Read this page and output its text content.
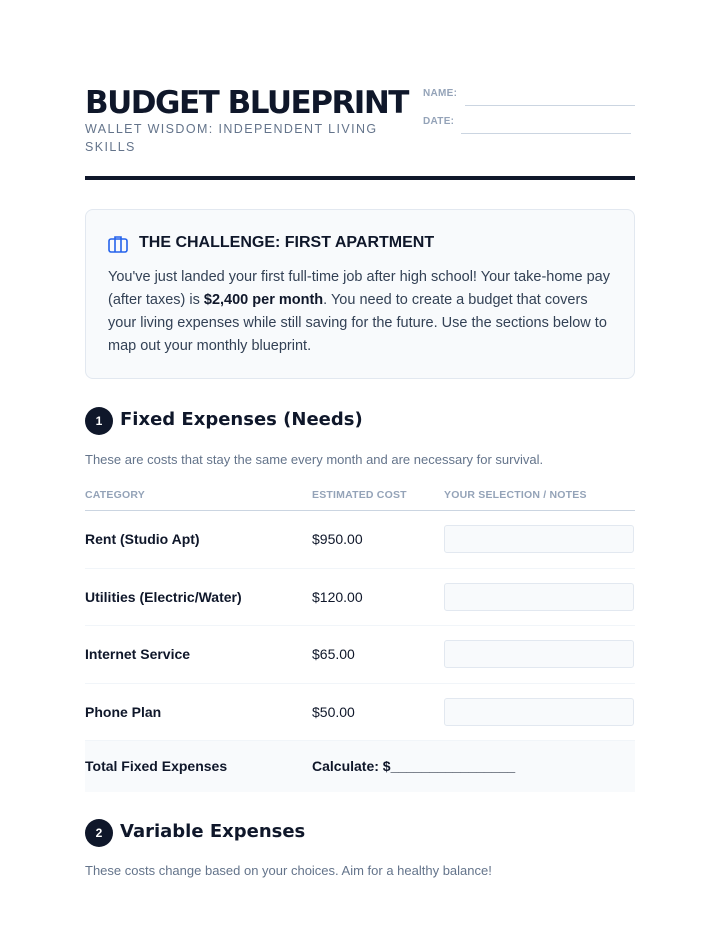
BUDGET BLUEPRINT
WALLET WISDOM: INDEPENDENT LIVING SKILLS
NAME:
DATE:
THE CHALLENGE: FIRST APARTMENT
You've just landed your first full-time job after high school! Your take-home pay (after taxes) is $2,400 per month. You need to create a budget that covers your living expenses while still saving for the future. Use the sections below to map out your monthly blueprint.
1 Fixed Expenses (Needs)
These are costs that stay the same every month and are necessary for survival.
CATEGORY	ESTIMATED COST	YOUR SELECTION / NOTES
Rent (Studio Apt)	$950.00
Utilities (Electric/Water)	$120.00
Internet Service	$65.00
Phone Plan	$50.00
Total Fixed Expenses	Calculate: $________________
2 Variable Expenses
These costs change based on your choices. Aim for a healthy balance!
